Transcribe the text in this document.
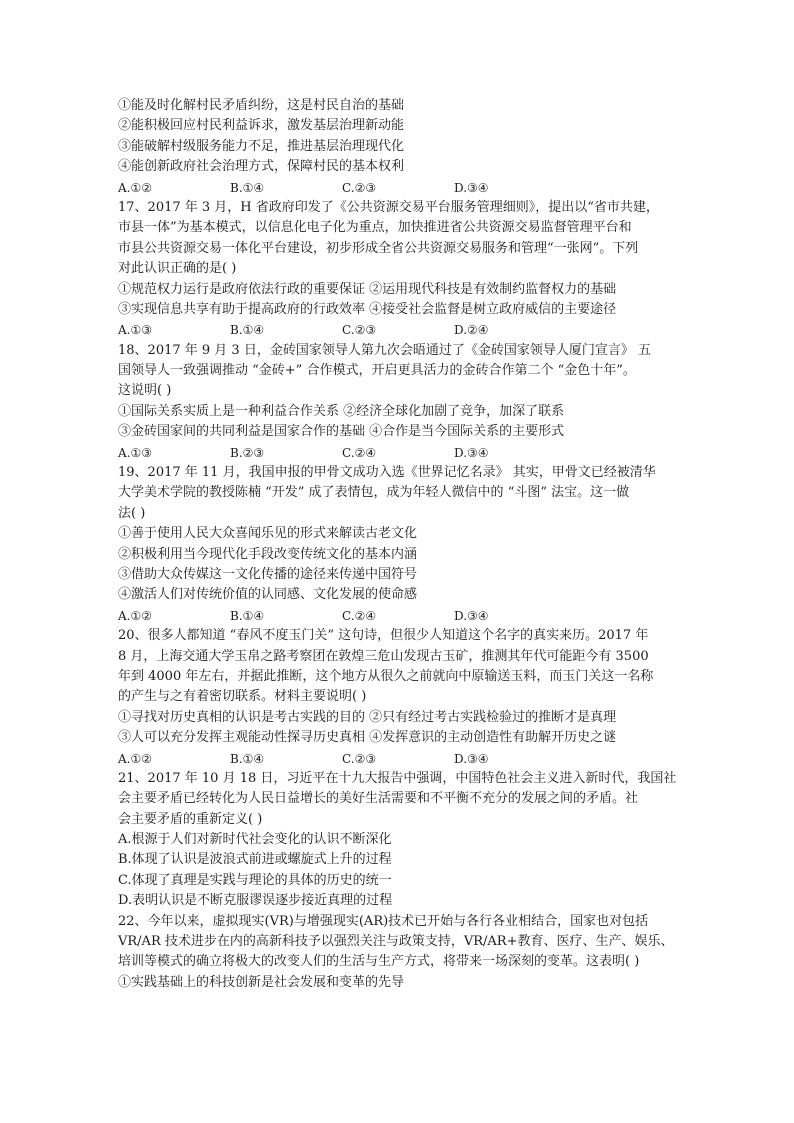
①能及时化解村民矛盾纠纷，这是村民自治的基础
②能积极回应村民利益诉求，激发基层治理新动能
③能破解村级服务能力不足，推进基层治理现代化
④能创新政府社会治理方式，保障村民的基本权利
A.①②	B.①④	C.②③	D.③④
17、2017 年 3 月，H 省政府印发了《公共资源交易平台服务管理细则》，提出以“省市共建，
市县一体”为基本模式，以信息化电子化为重点，加快推进省公共资源交易监督管理平台和
市县公共资源交易一体化平台建设，初步形成全省公共资源交易服务和管理“一张网”。下列
对此认识正确的是( )
①规范权力运行是政府依法行政的重要保证 ②运用现代科技是有效制约监督权力的基础
③实现信息共享有助于提高政府的行政效率 ④接受社会监督是树立政府威信的主要途径
A.①③	B.①④	C.②③	D.②④
18、2017 年 9 月 3 日，金砖国家领导人第九次会晤通过了《金砖国家领导人厦门宣言》 五
国领导人一致强调推动 “金砖+” 合作模式，开启更具活力的金砖合作第二个 “金色十年”。
这说明( )
①国际关系实质上是一种利益合作关系 ②经济全球化加剧了竞争，加深了联系
③金砖国家间的共同利益是国家合作的基础 ④合作是当今国际关系的主要形式
A.①③	B.②③	C.②④	D.③④
19、2017 年 11 月，我国申报的甲骨文成功入选《世界记忆名录》 其实，甲骨文已经被清华
大学美术学院的教授陈楠 “开发” 成了表情包，成为年轻人微信中的 “斗图” 法宝。这一做
法( )
①善于使用人民大众喜闻乐见的形式来解读古老文化
②积极利用当今现代化手段改变传统文化的基本内涵
③借助大众传媒这一文化传播的途径来传递中国符号
④激活人们对传统价值的认同感、文化发展的使命感
A.①②	B.①④	C.②④	D.③④
20、很多人都知道 “春风不度玉门关” 这句诗，但很少人知道这个名字的真实来历。2017 年
8 月，上海交通大学玉帛之路考察团在敦煌三危山发现古玉矿，推测其年代可能距今有 3500
年到 4000 年左右，并据此推断，这个地方从很久之前就向中原输送玉料，而玉门关这一名称
的产生与之有着密切联系。材料主要说明( )
①寻找对历史真相的认识是考古实践的目的 ②只有经过考古实践检验过的推断才是真理
③人可以充分发挥主观能动性探寻历史真相 ④发挥意识的主动创造性有助解开历史之谜
A.①②	B.①④	C.②③	D.③④
21、2017 年 10 月 18 日，习近平在十九大报告中强调，中国特色社会主义进入新时代，我国社
会主要矛盾已经转化为人民日益增长的美好生活需要和不平衡不充分的发展之间的矛盾。社
会主要矛盾的重新定义( )
A.根源于人们对新时代社会变化的认识不断深化
B.体现了认识是波浪式前进或螺旋式上升的过程
C.体现了真理是实践与理论的具体的历史的统一
D.表明认识是不断克服谬误逐步接近真理的过程
22、今年以来，虚拟现实(VR)与增强现实(AR)技术已开始与各行各业相结合，国家也对包括
VR/AR 技术进步在内的高新科技予以强烈关注与政策支持，VR/AR+教育、医疗、生产、娱乐、
培训等模式的确立将极大的改变人们的生活与生产方式，将带来一场深刻的变革。这表明( )
①实践基础上的科技创新是社会发展和变革的先导
